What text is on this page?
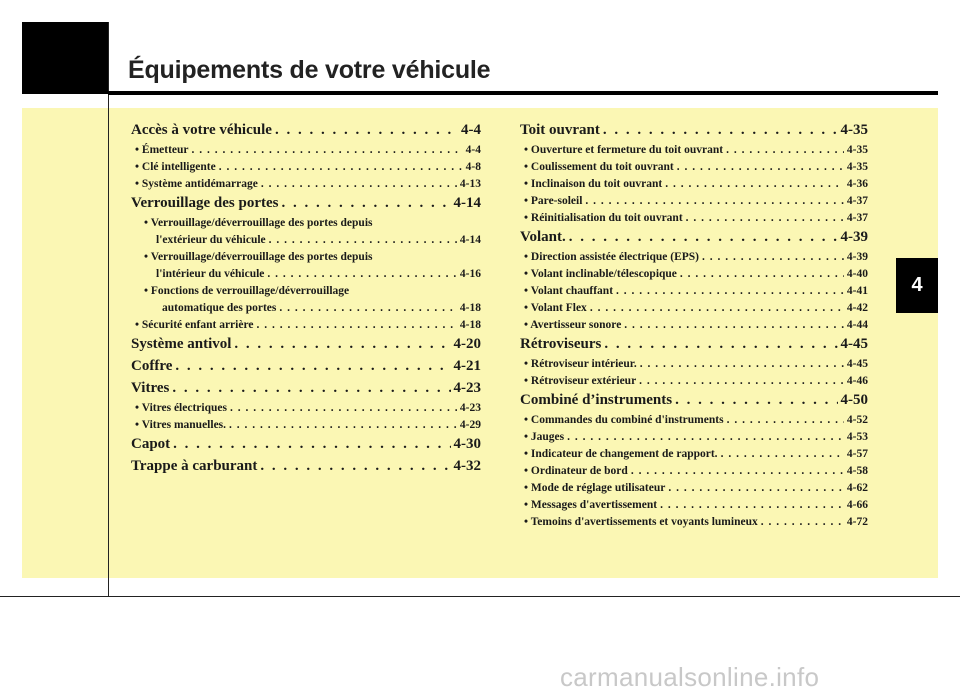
Équipements de votre véhicule
4
Accès à votre véhicule . . .	4-4
• Émetteur . . .	4-4
• Clé intelligente . . .	4-8
• Système antidémarrage . . .	4-13
Verrouillage des portes . . .	4-14
• Verrouillage/déverrouillage des portes depuis
l'extérieur du véhicule . . .	4-14
• Verrouillage/déverrouillage des portes depuis
l'intérieur du véhicule . . .	4-16
• Fonctions de verrouillage/déverrouillage
automatique des portes . . .	4-18
• Sécurité enfant arrière . . .	4-18
Système antivol . . .	4-20
Coffre . . .	4-21
Vitres . . .	4-23
• Vitres électriques . . .	4-23
• Vitres manuelles. . . .	4-29
Capot . . .	4-30
Trappe à carburant . . .	4-32
Toit ouvrant . . .	4-35
• Ouverture et fermeture du toit ouvrant . . .	4-35
• Coulissement du toit ouvrant . . .	4-35
• Inclinaison du toit ouvrant . . .	4-36
• Pare-soleil . . .	4-37
• Réinitialisation du toit ouvrant . . .	4-37
Volant. . . .	4-39
• Direction assistée électrique (EPS) . . .	4-39
• Volant inclinable/télescopique . . .	4-40
• Volant chauffant . . .	4-41
• Volant Flex . . .	4-42
• Avertisseur sonore . . .	4-44
Rétroviseurs . . .	4-45
• Rétroviseur intérieur. . . .	4-45
• Rétroviseur extérieur . . .	4-46
Combiné d’instruments . . .	4-50
• Commandes du combiné d'instruments . . .	4-52
• Jauges . . .	4-53
• Indicateur de changement de rapport. . . .	4-57
• Ordinateur de bord . . .	4-58
• Mode de réglage utilisateur . . .	4-62
• Messages d'avertissement . . .	4-66
• Temoins d'avertissements et voyants lumineux . . .	4-72
carmanualsonline.info
